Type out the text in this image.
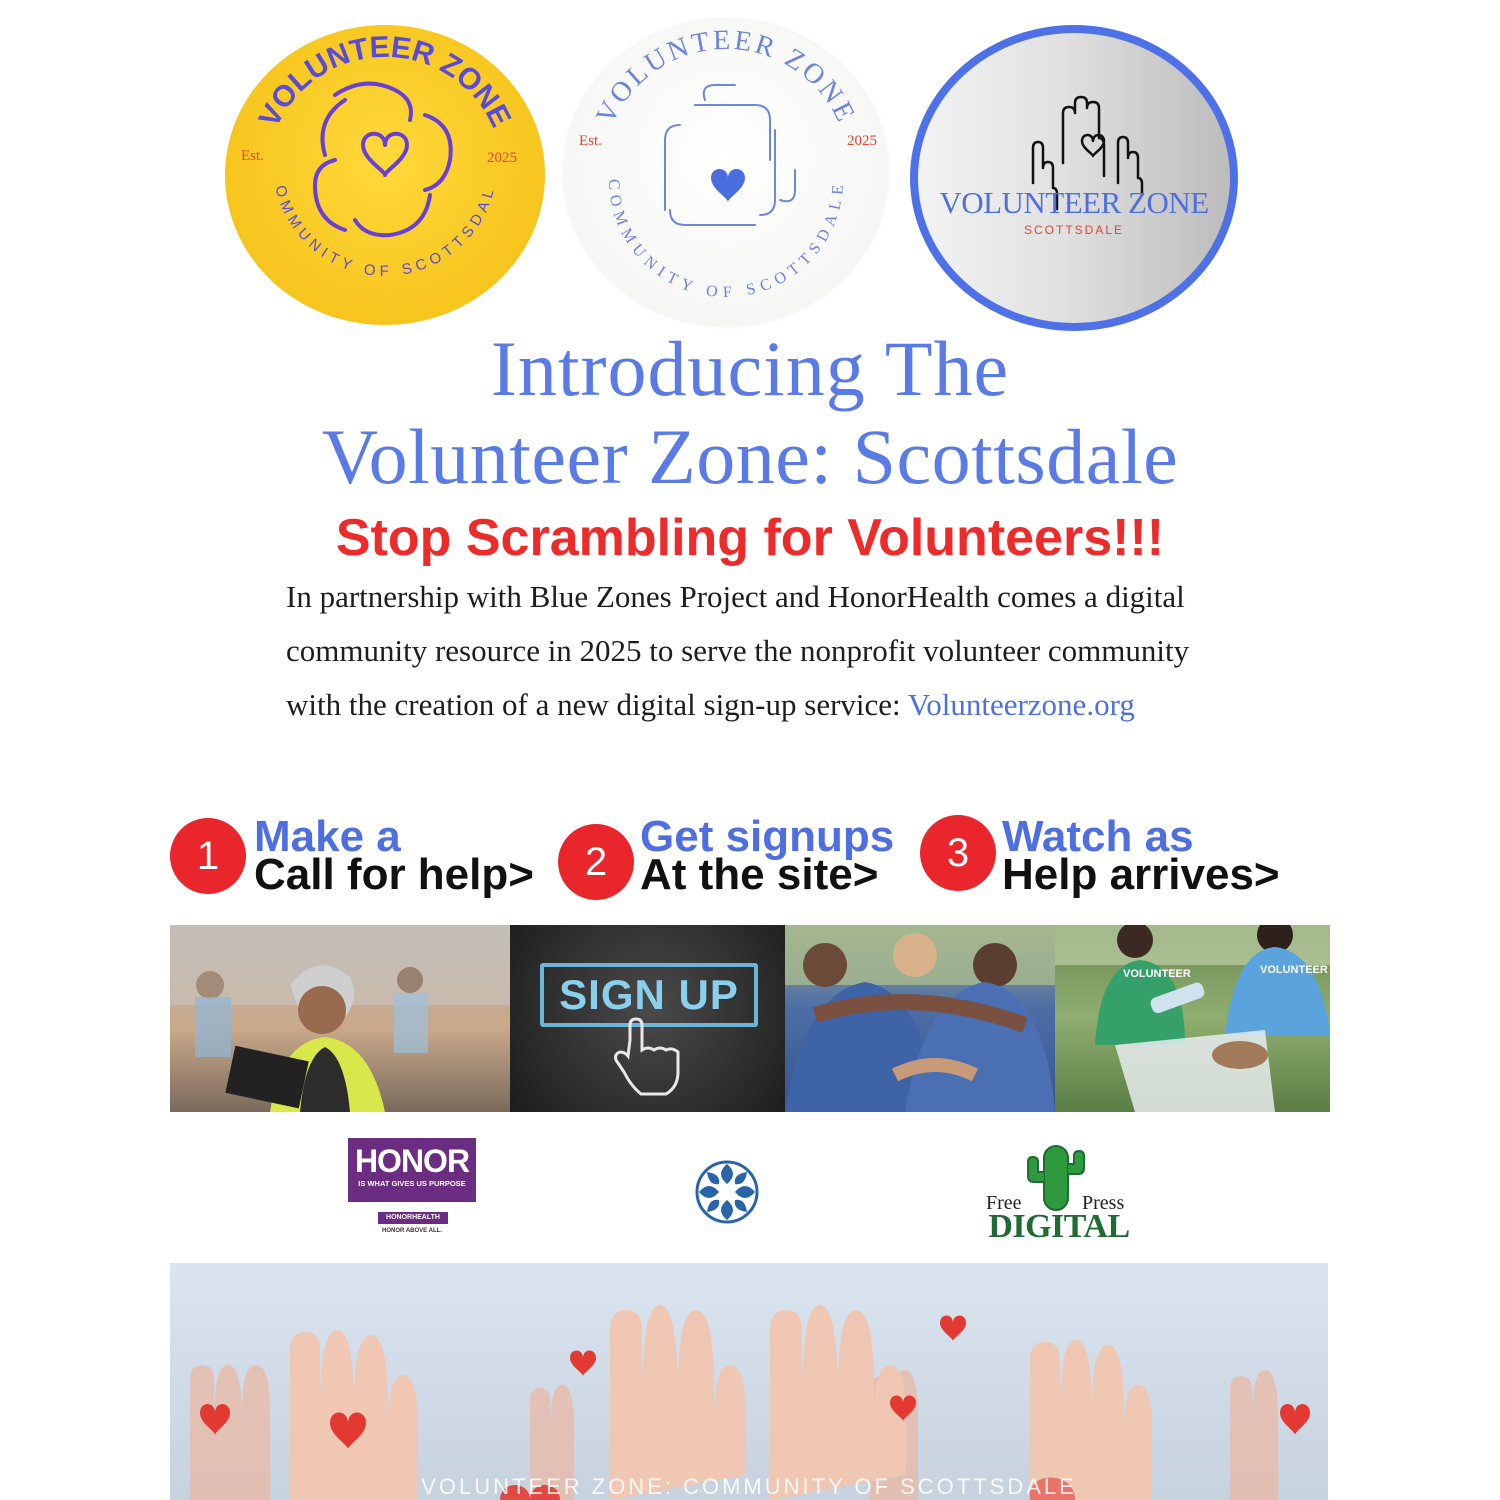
VOLUNTEER ZONE
COMMUNITY OF SCOTTSDALE
Est.	2025
VOLUNTEER ZONE
COMMUNITY OF SCOTTSDALE
Est.	2025
VOLUNTEER ZONE
SCOTTSDALE
Introducing The
Volunteer Zone: Scottsdale
Stop Scrambling for Volunteers!!!
In partnership with Blue Zones Project and HonorHealth comes a digital community resource in 2025 to serve the nonprofit volunteer community with the creation of a new digital sign-up service: Volunteerzone.org
1 Make a
Call for help>	2
Get signups
At the site>	3 Watch as
Help arrives>
SIGN UP	VOLUNTEER	VOLUNTEER
HONOR
IS WHAT GIVES US PURPOSE
HONORHEALTH
HONOR ABOVE ALL.
Free	Press
DIGITAL
VOLUNTEER ZONE: COMMUNITY OF SCOTTSDALE
